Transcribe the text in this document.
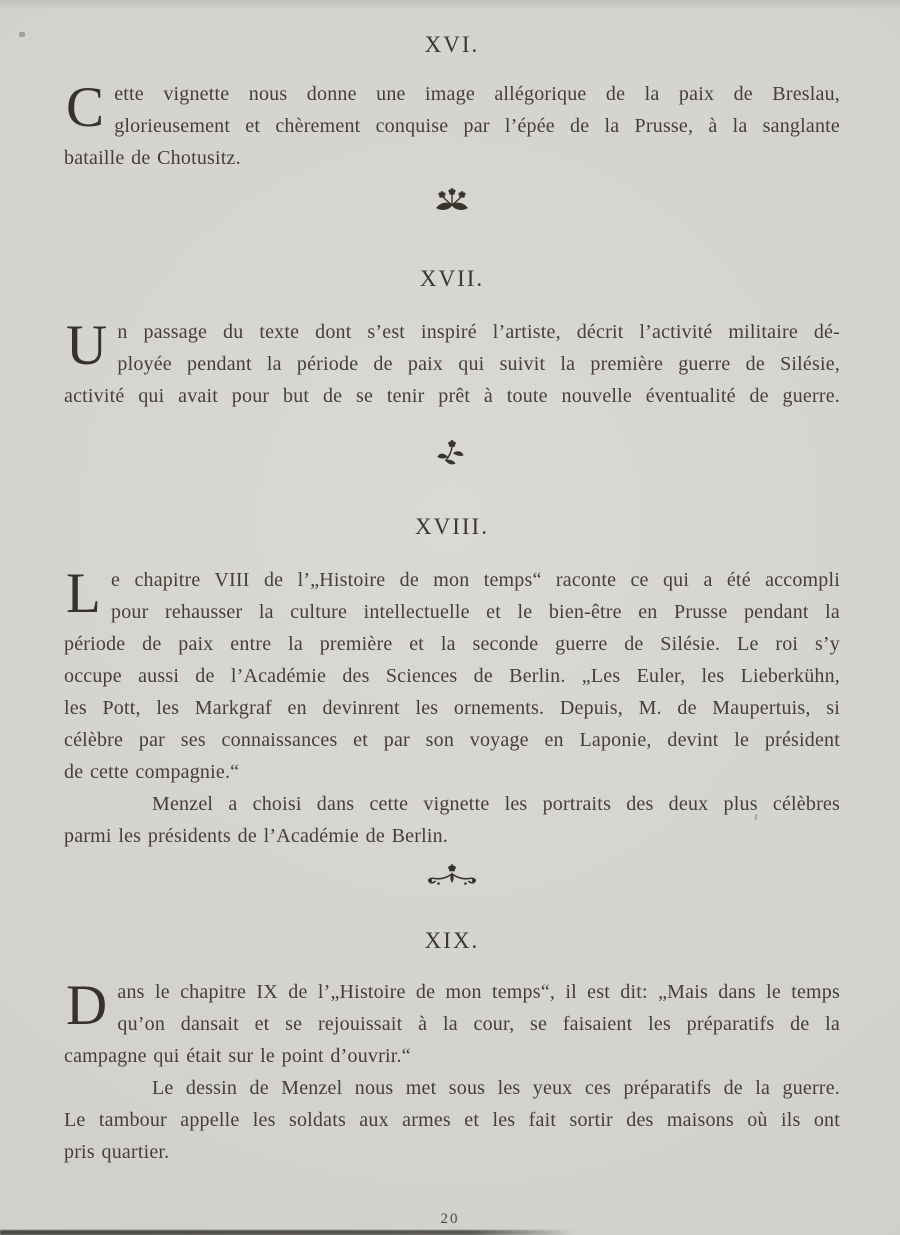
XVI.
C ette vignette nous donne une image allégorique de la paix de Breslau,
glorieusement et chèrement conquise par l’épée de la Prusse, à la sanglante
bataille de Chotusitz.
XVII.
U n passage du texte dont s’est inspiré l’artiste, décrit l’activité militaire dé-
ployée pendant la période de paix qui suivit la première guerre de Silésie,
activité qui avait pour but de se tenir prêt à toute nouvelle éventualité de guerre.
XVIII.
L e chapitre VIII de l’„Histoire de mon temps“ raconte ce qui a été accompli
pour rehausser la culture intellectuelle et le bien-être en Prusse pendant la
période de paix entre la première et la seconde guerre de Silésie. Le roi s’y
occupe aussi de l’Académie des Sciences de Berlin. „Les Euler, les Lieberkühn,
les Pott, les Markgraf en devinrent les ornements. Depuis, M. de Maupertuis, si
célèbre par ses connaissances et par son voyage en Laponie, devint le président
de cette compagnie.“
Menzel a choisi dans cette vignette les portraits des deux plus célèbres
parmi les présidents de l’Académie de Berlin.
XIX.
D ans le chapitre IX de l’„Histoire de mon temps“, il est dit: „Mais dans le temps
qu’on dansait et se rejouissait à la cour, se faisaient les préparatifs de la
campagne qui était sur le point d’ouvrir.“
Le dessin de Menzel nous met sous les yeux ces préparatifs de la guerre.
Le tambour appelle les soldats aux armes et les fait sortir des maisons où ils ont
pris quartier.
20
